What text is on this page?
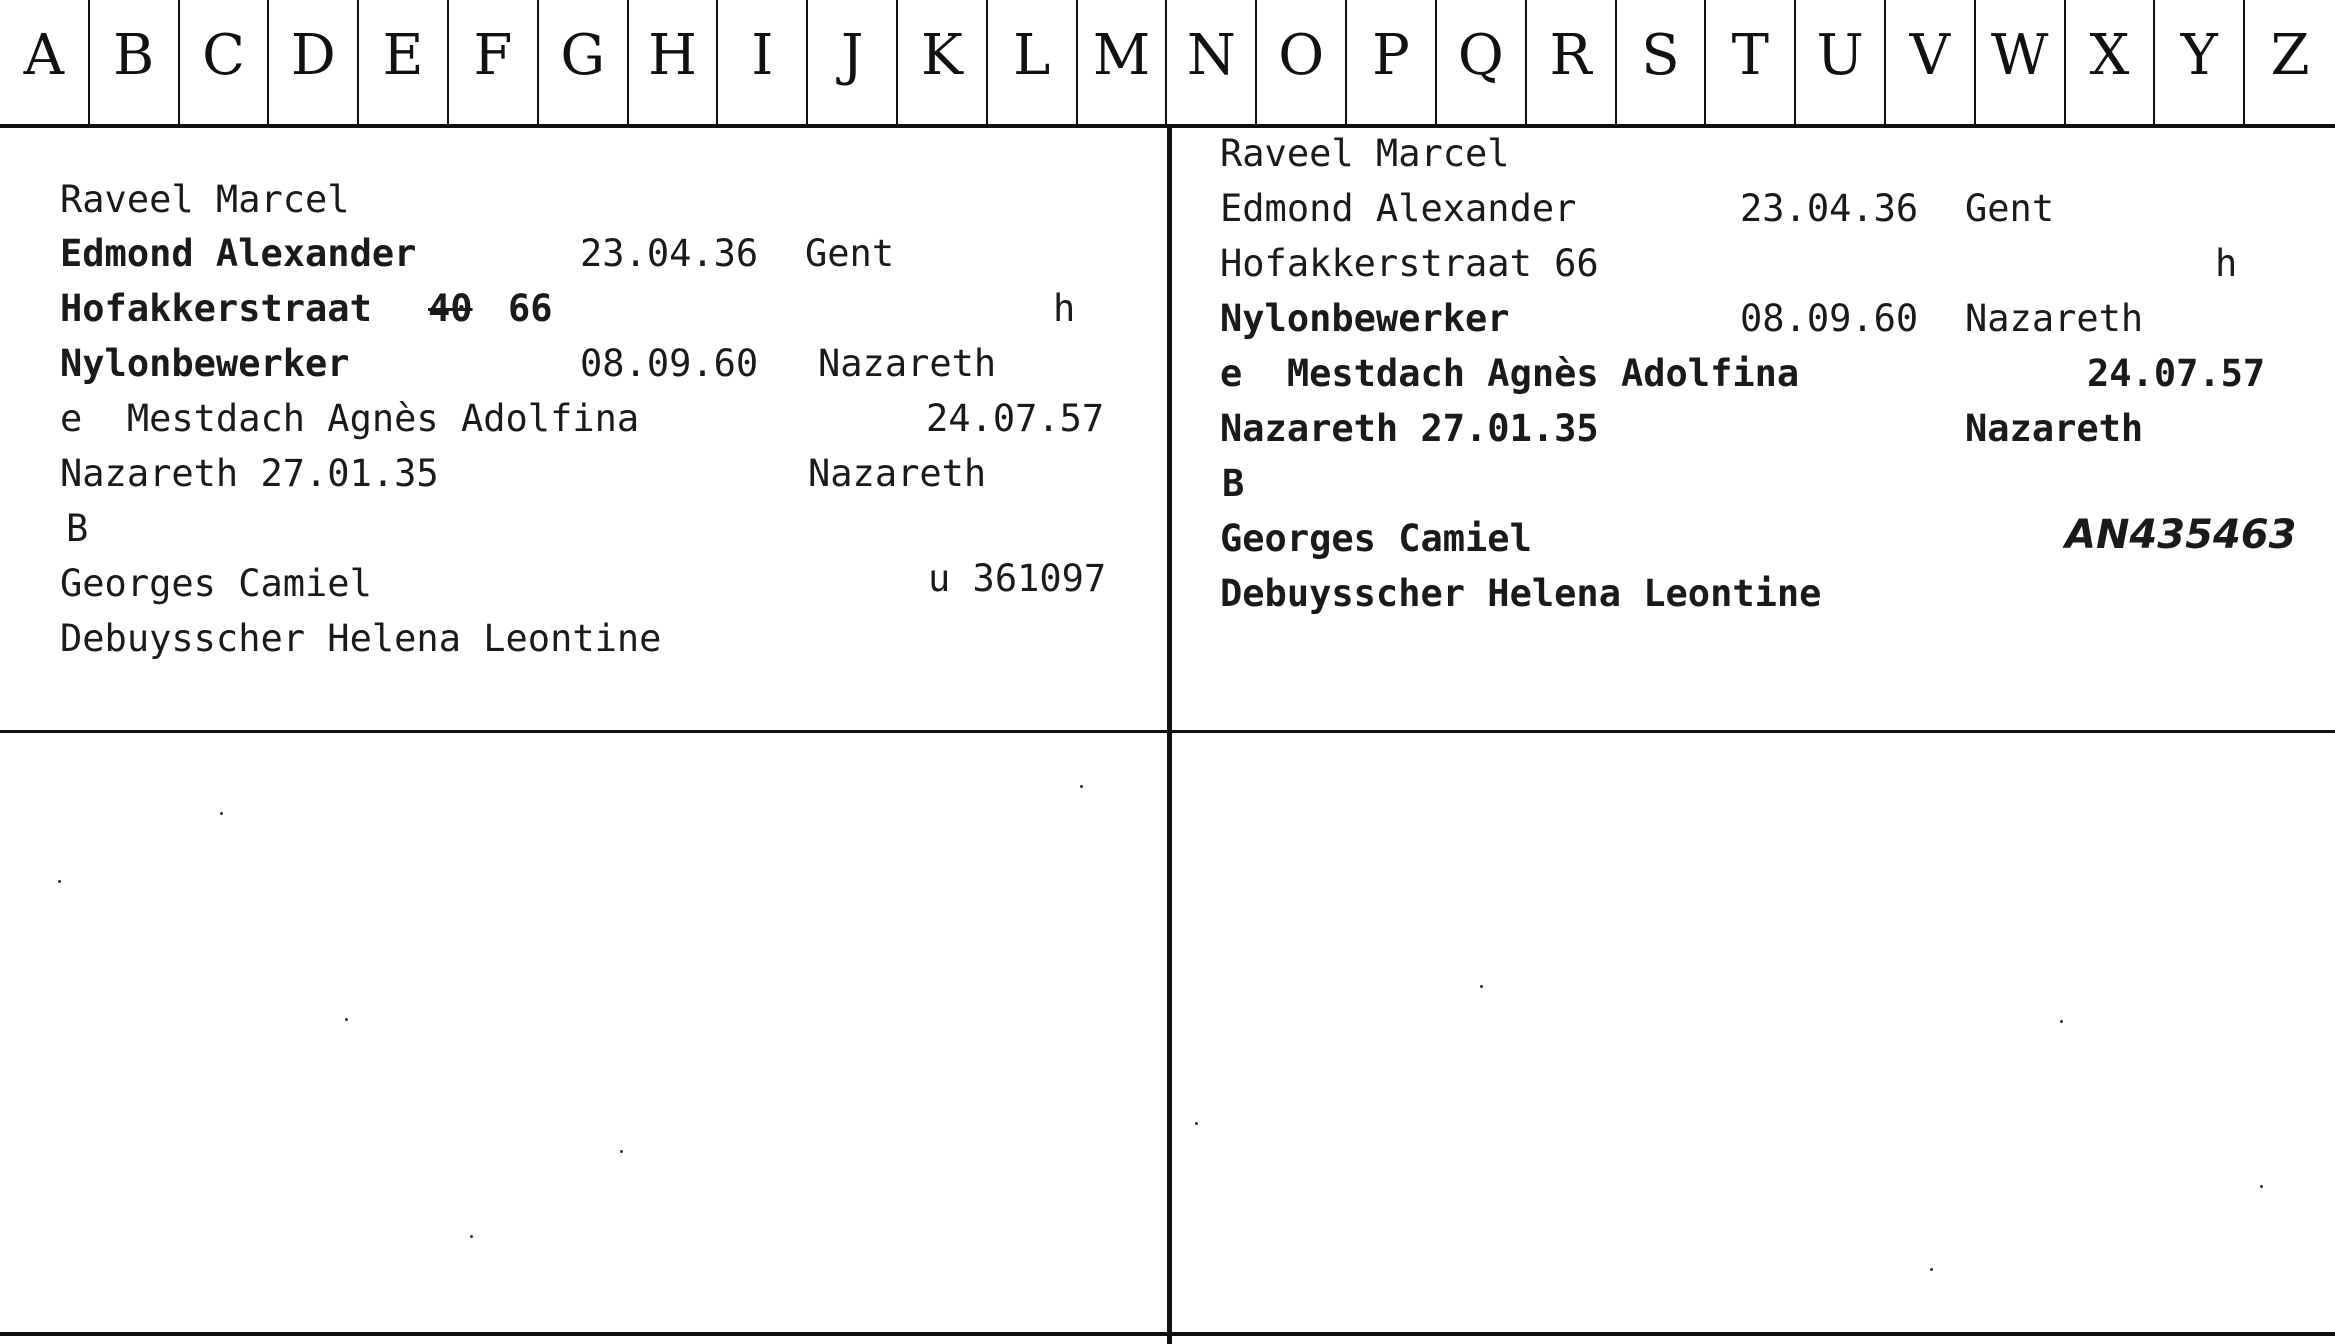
A B C D E F G H I	J	K L M N O P Q R S T U V W X Y Z
Raveel Marcel
Edmond Alexander	23.04.36 Gent
Hofakkerstraat 40 66	h
Nylonbewerker	08.09.60 Nazareth
e  Mestdach Agnès Adolfina	24.07.57
Nazareth 27.01.35	Nazareth
B
Georges Camiel	u 361097
Debuysscher Helena Leontine
Raveel Marcel
Edmond Alexander	23.04.36 Gent
Hofakkerstraat 66	h
Nylonbewerker	08.09.60 Nazareth
e  Mestdach Agnès Adolfina	24.07.57
Nazareth 27.01.35	Nazareth
B
Georges Camiel	AN435463
Debuysscher Helena Leontine
